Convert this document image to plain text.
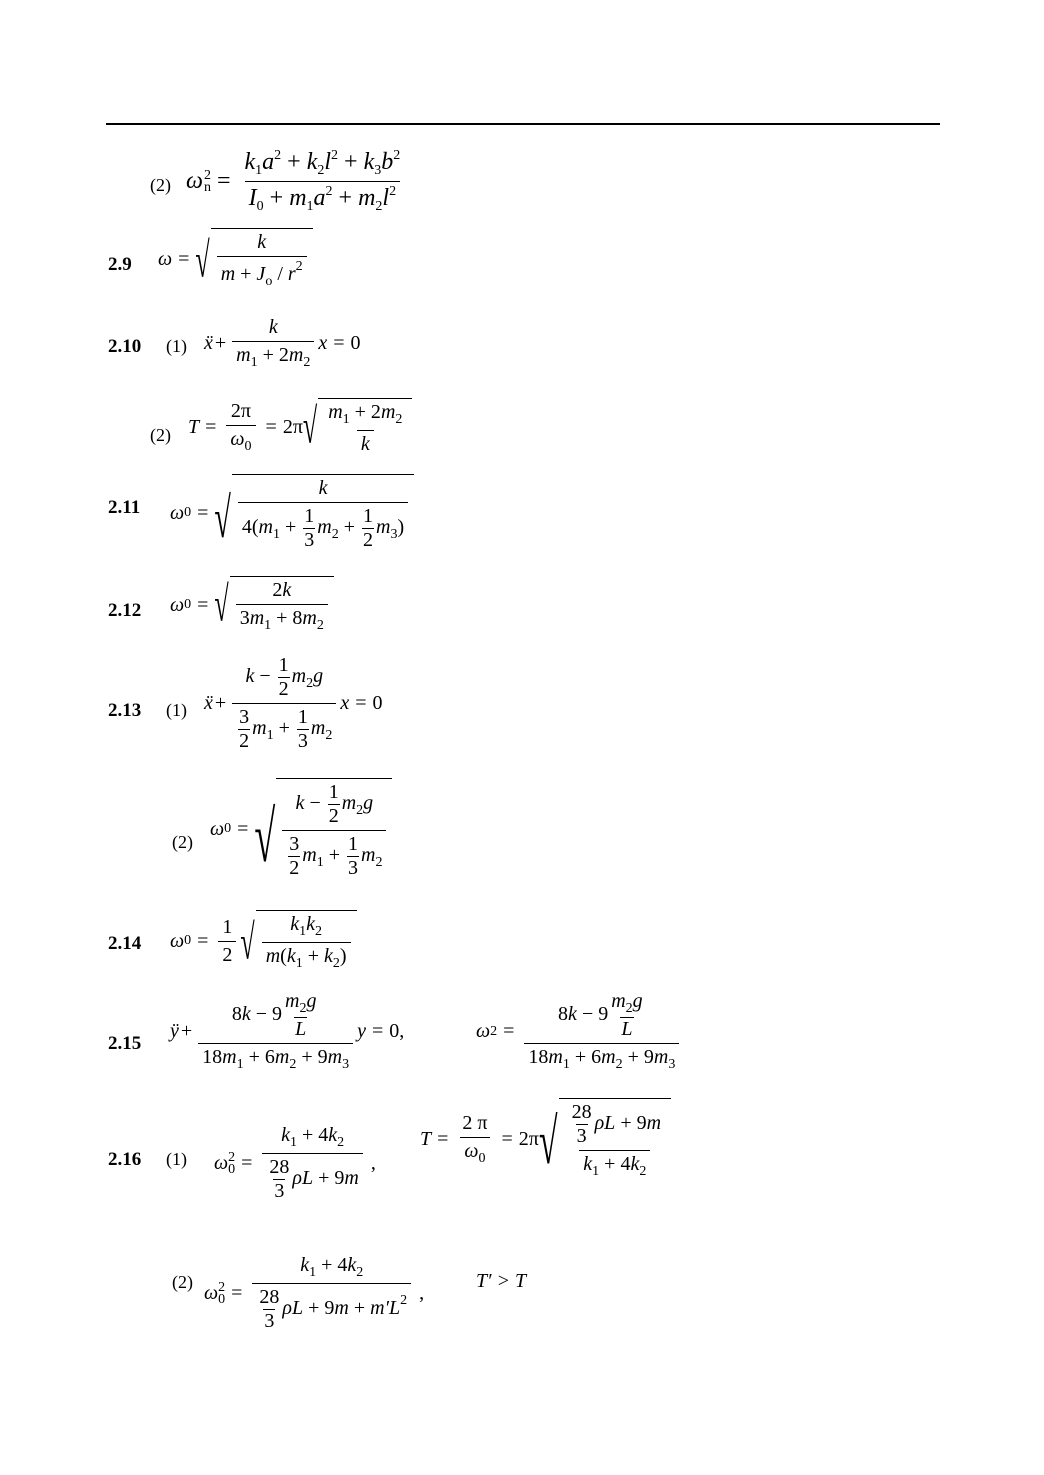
(2) ω 2
$n = \frac{k_1a^2 + k_2l^2 + k_3b^2}{I_0 + m_1a^2 + m_2l^2}$
2.9 ω = √ $\frac{k}{m + J_o / r^2}$
2.10 (1) ẍ + $\frac{k}{m_1 + 2m_2}$ x = 0
(2) $T = \frac{2\pi}{\omega_0} = 2\pi$ √ $\frac{m_1 + 2m_2}{k}$
2.11 ω 0 = √ $\frac{k}{4(m_1 + \frac{1}{3} m_2 + \frac{1}{2} m_3)}$
2.12 ω 0 = √ $\frac{2k}{3m_1 + 8m_2}$
2.13 (1) ẍ + $\frac{k - \frac{1}{2} m_2g}{\frac{3}{2} m_1 + \frac{1}{3} m_2}$ x = 0
(2)
ω 0 = √ $\frac{k - \frac{1}{2} m_2g}{\frac{3}{2} m_1 + \frac{1}{3} m_2}$
2.14 ω $0 = \frac{1}{2}$ √ $\frac{k_1k_2}{m(k_1 + k_2)}$
2.15
ÿ + $\frac{8k - 9 \frac{m_2g}{L}}{18m_1 + 6m_2 + 9m_3}$ y = 0,	ω $2 = \frac{8k - 9 \frac{m_2g}{L}}{18m_1 + 6m_2 + 9m_3}$
2.16 (1) ω 2
$0 = \frac{k_1 + 4k_2}{\frac{28}{3} \rho L + 9m}$ ,
$T = \frac{2 \pi}{\omega_0} = 2\pi$ √ $\frac{\frac{28}{3} \rho L + 9m}{k_1 + 4k_2}$
(2) ω 2
$0 = \frac{k_1 + 4k_2}{\frac{28}{3} \rho L + 9m + m'L^2}$ ,
T′ > T
